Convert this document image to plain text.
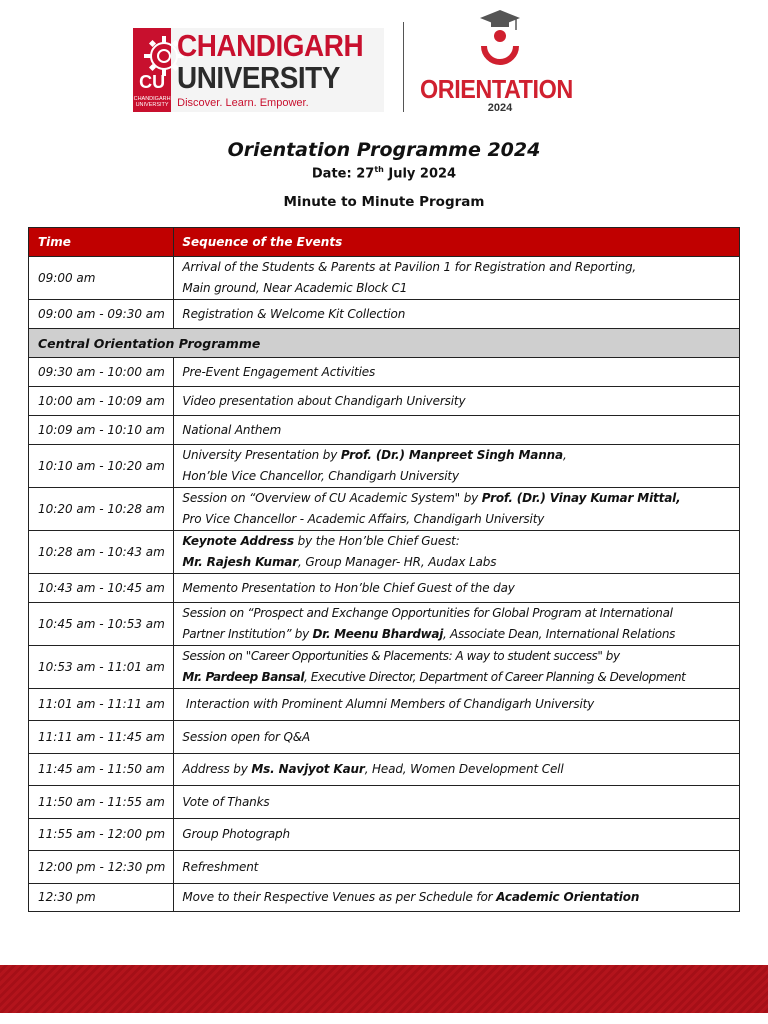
CU
CHANDIGARH UNIVERSITY
CHANDIGARH
UNIVERSITY
Discover. Learn. Empower.	ORIENTATION
2024
Orientation Programme 2024
Date: 27th July 2024
Minute to Minute Program
Time	Sequence of the Events
09:00 am	Arrival of the Students & Parents at Pavilion 1 for Registration and Reporting,
Main ground, Near Academic Block C1
09:00 am - 09:30 am	Registration & Welcome Kit Collection
Central Orientation Programme	
09:30 am - 10:00 am	Pre-Event Engagement Activities
10:00 am - 10:09 am	Video presentation about Chandigarh University
10:09 am - 10:10 am	National Anthem
10:10 am - 10:20 am	University Presentation by Prof. (Dr.) Manpreet Singh Manna,
Hon’ble Vice Chancellor, Chandigarh University
10:20 am - 10:28 am	Session on “Overview of CU Academic System" by Prof. (Dr.) Vinay Kumar Mittal,
Pro Vice Chancellor - Academic Affairs, Chandigarh University
10:28 am - 10:43 am	Keynote Address by the Hon’ble Chief Guest:
Mr. Rajesh Kumar, Group Manager- HR, Audax Labs
10:43 am - 10:45 am	Memento Presentation to Hon’ble Chief Guest of the day
10:45 am - 10:53 am	Session on “Prospect and Exchange Opportunities for Global Program at International
Partner Institution” by Dr. Meenu Bhardwaj, Associate Dean, International Relations
10:53 am - 11:01 am	Session on "Career Opportunities & Placements: A way to student success" by
Mr. Pardeep Bansal, Executive Director, Department of Career Planning & Development
11:01 am - 11:11 am	Interaction with Prominent Alumni Members of Chandigarh University
11:11 am - 11:45 am	Session open for Q&A
11:45 am - 11:50 am	Address by Ms. Navjyot Kaur, Head, Women Development Cell
11:50 am - 11:55 am	Vote of Thanks
11:55 am - 12:00 pm	Group Photograph
12:00 pm - 12:30 pm	Refreshment
12:30 pm	Move to their Respective Venues as per Schedule for Academic Orientation
